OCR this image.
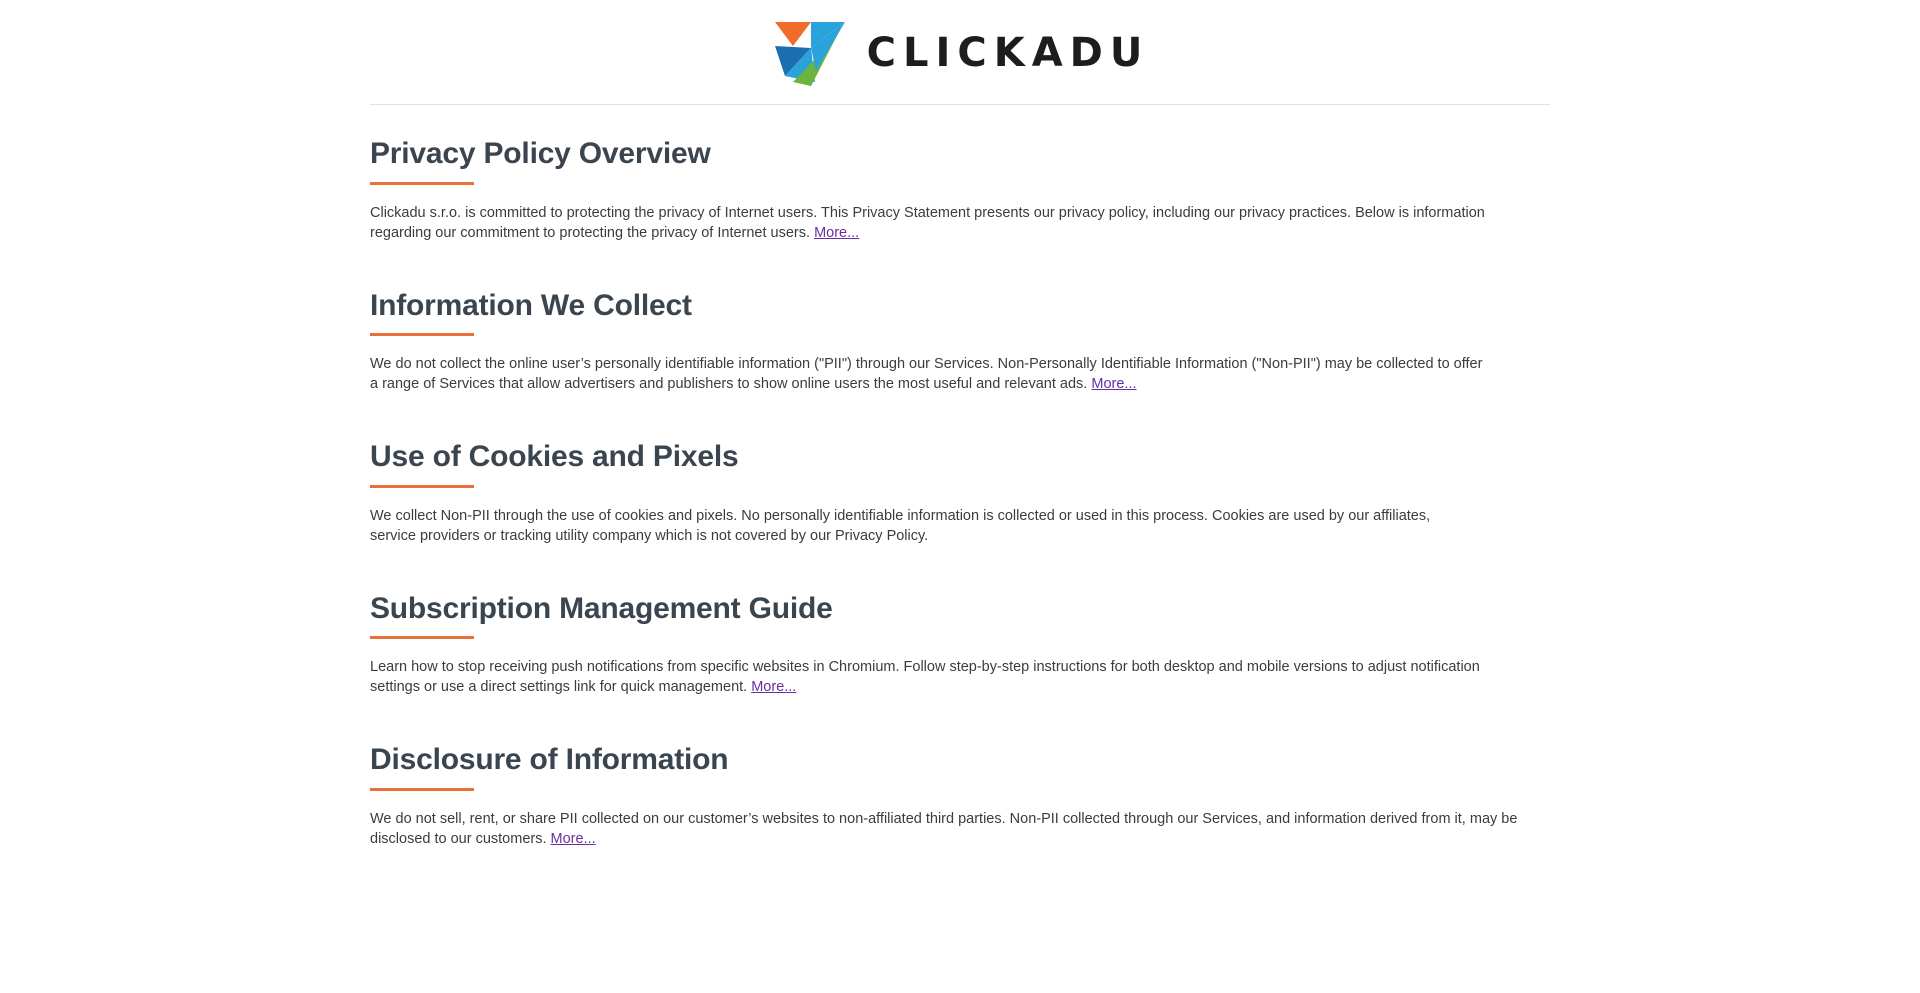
CLICKADU
Privacy Policy Overview

Clickadu s.r.o. is committed to protecting the privacy of Internet users. This Privacy Statement presents our privacy policy, including our privacy practices. Below is information regarding our commitment to protecting the privacy of Internet users. More...

Information We Collect

We do not collect the online user’s personally identifiable information ("PII") through our Services. Non-Personally Identifiable Information ("Non-PII") may be collected to offer a range of Services that allow advertisers and publishers to show online users the most useful and relevant ads. More...

Use of Cookies and Pixels

We collect Non-PII through the use of cookies and pixels. No personally identifiable information is collected or used in this process. Cookies are used by our affiliates, service providers or tracking utility company which is not covered by our Privacy Policy.

Subscription Management Guide

Learn how to stop receiving push notifications from specific websites in Chromium. Follow step-by-step instructions for both desktop and mobile versions to adjust notification settings or use a direct settings link for quick management. More...

Disclosure of Information

We do not sell, rent, or share PII collected on our customer’s websites to non-affiliated third parties. Non-PII collected through our Services, and information derived from it, may be disclosed to our customers. More...
